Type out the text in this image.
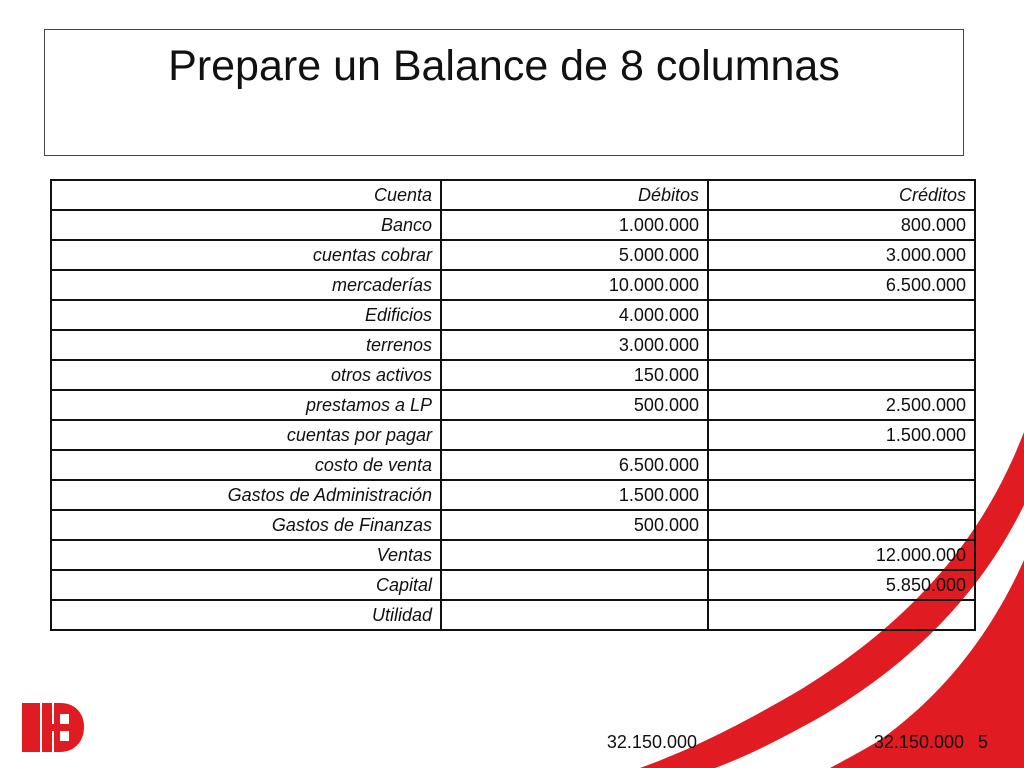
Prepare un Balance de 8 columnas
Cuenta	Débitos	Créditos
Banco	1.000.000	800.000
cuentas cobrar	5.000.000	3.000.000
mercaderías	10.000.000	6.500.000
Edificios	4.000.000	
terrenos	3.000.000	
otros activos	150.000	
prestamos a LP	500.000	2.500.000
cuentas por pagar		1.500.000
costo de venta	6.500.000	
Gastos de Administración	1.500.000	
Gastos de Finanzas	500.000	
Ventas		12.000.000
Capital		5.850.000
Utilidad		
32.150.000	32.150.000 5
